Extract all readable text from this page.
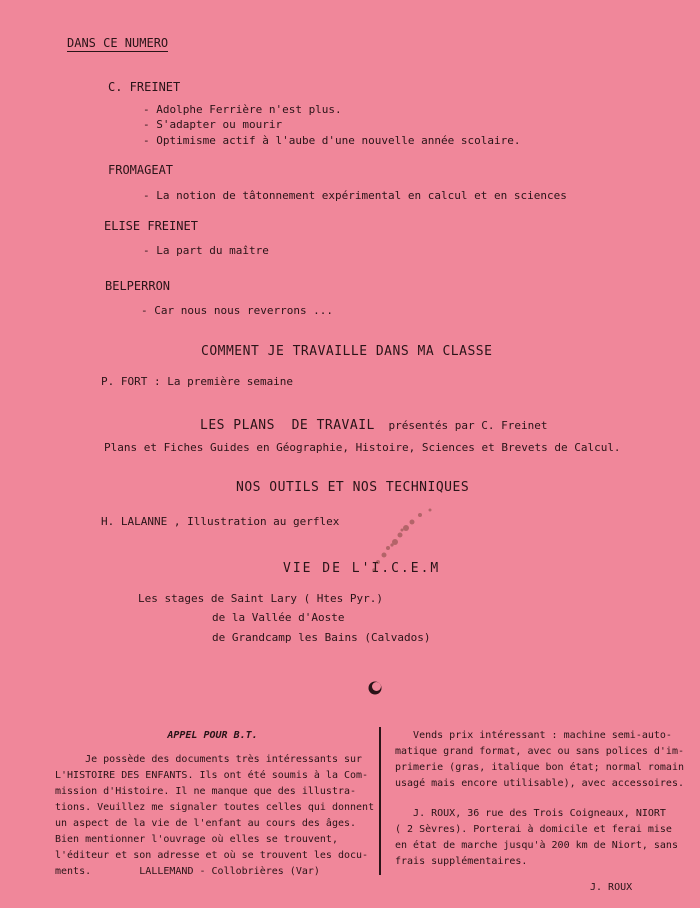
DANS CE NUMERO
C. FREINET
- Adolphe Ferrière n'est plus.
- S'adapter ou mourir
- Optimisme actif à l'aube d'une nouvelle année scolaire.
FROMAGEAT
- La notion de tâtonnement expérimental en calcul et en sciences
ELISE FREINET
- La part du maître
BELPERRON
- Car nous nous reverrons ...
COMMENT JE TRAVAILLE DANS MA CLASSE
P. FORT : La première semaine
LES PLANS  DE TRAVAIL présentés par C. Freinet
Plans et Fiches Guides en Géographie, Histoire, Sciences et Brevets de Calcul.
NOS OUTILS ET NOS TECHNIQUES
H. LALANNE , Illustration au gerflex
VIE DE L'I.C.E.M
Les stages de Saint Lary ( Htes Pyr.)
de la Vallée d'Aoste
de Grandcamp les Bains (Calvados)

APPEL POUR B.T.

Je possède des documents très intéressants sur

L'HISTOIRE DES ENFANTS. Ils ont été soumis à la Com-

mission d'Histoire. Il ne manque que des illustra-

tions. Veuillez me signaler toutes celles qui donnent

un aspect de la vie de l'enfant au cours des âges.

Bien mentionner l'ouvrage où elles se trouvent,

l'éditeur et son adresse et où se trouvent les docu-

ments.        LALLEMAND - Collobrières (Var)

Vends prix intéressant : machine semi-auto-

matique grand format, avec ou sans polices d'im-

primerie (gras, italique bon état; normal romain

usagé mais encore utilisable), avec accessoires.

J. ROUX, 36 rue des Trois Coigneaux, NIORT

( 2 Sèvres). Porterai à domicile et ferai mise

en état de marche jusqu'à 200 km de Niort, sans

frais supplémentaires.

J. ROUX
